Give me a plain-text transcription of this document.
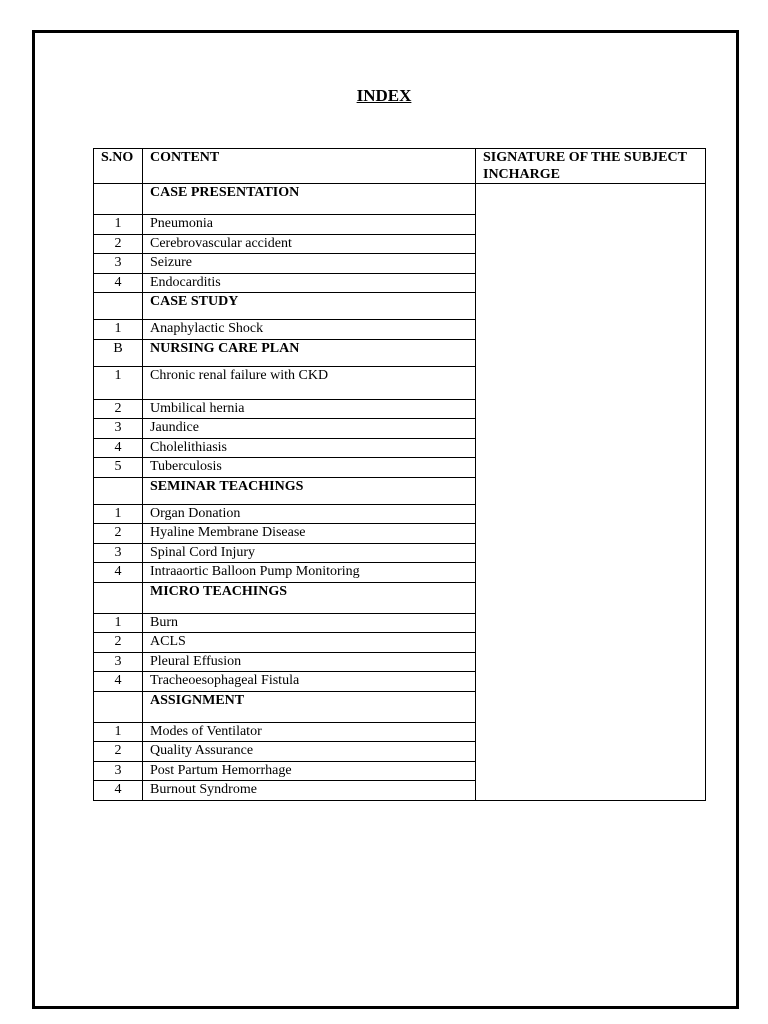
INDEX
S.NO	CONTENT	SIGNATURE OF THE SUBJECT INCHARGE
	CASE PRESENTATION	
1	Pneumonia	
2	Cerebrovascular accident	
3	Seizure	
4	Endocarditis	
	CASE STUDY	
1	Anaphylactic Shock	
B	NURSING CARE PLAN	
1	Chronic renal failure with CKD	
2	Umbilical hernia	
3	Jaundice	
4	Cholelithiasis	
5	Tuberculosis	
	SEMINAR TEACHINGS	
1	Organ Donation	
2	Hyaline Membrane Disease	
3	Spinal Cord Injury	
4	Intraaortic Balloon Pump Monitoring	
	MICRO TEACHINGS	
1	Burn	
2	ACLS	
3	Pleural Effusion	
4	Tracheoesophageal Fistula	
	ASSIGNMENT	
1	Modes of Ventilator	
2	Quality Assurance	
3	Post Partum Hemorrhage	
4	Burnout Syndrome	
